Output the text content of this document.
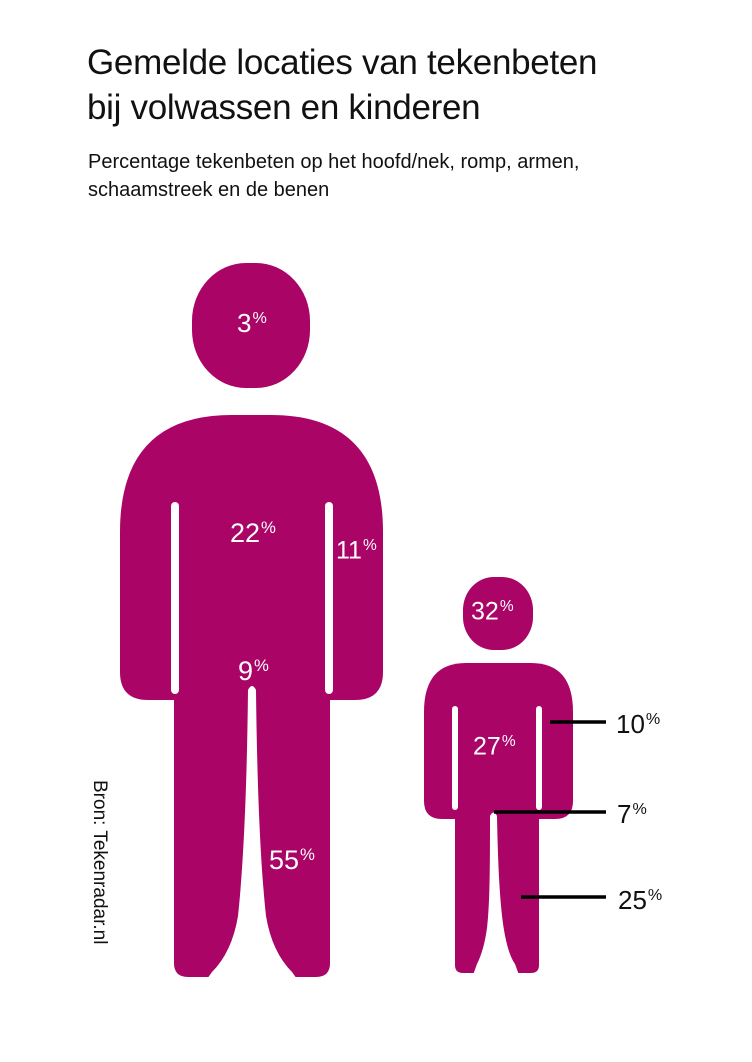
Gemelde locaties van tekenbeten
bij volwassen en kinderen
Percentage tekenbeten op het hoofd/nek, romp, armen,
schaamstreek en de benen
3%
22%
11%
9%
55%
32%
27%
10%
7%
25%
Bron: Tekenradar.nl
